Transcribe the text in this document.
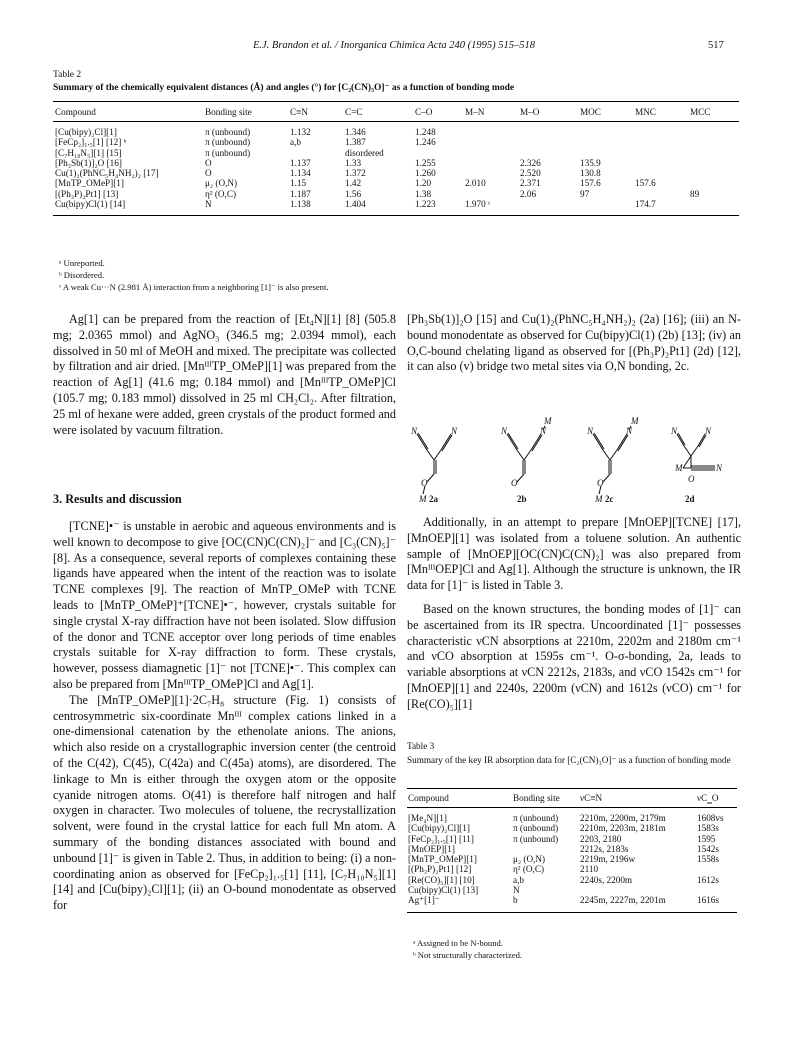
E.J. Brandon et al. / Inorganica Chimica Acta 240 (1995) 515–518	517
Table 2
Summary of the chemically equivalent distances (Å) and angles (°) for [C₂(CN)₃O]⁻ as a function of bonding mode
Compound	Bonding site	C≡N	C=C	C–O	M–N	M–O	MOC	MNC	MCC
[Cu(bipy)₂Cl][1]	π (unbound)	1.132	1.346	1.248					
[FeCp₂]₁.₅[1] [12] ᵇ	π (unbound)	a,b	1.387	1.246					
[C₇H₁₀N₅][1] [15]	π (unbound)		disordered						
[Ph₃Sb(1)]₂O [16]	O	1.137	1.33	1.255		2.326	135.9		
Cu(1)₂(PhNC₅H₄NH₂)₂ [17]	O	1.134	1.372	1.260		2.520	130.8		
[MnTP_OMeP][1]	μ₂ (O,N)	1.15	1.42	1.20	2.010	2.371	157.6	157.6	
[(Ph₃P)₂Pt1] [13]	η² (O,C)	1.187	1.56	1.38		2.06	97		89
Cu(bipy)Cl(1) [14]	N	1.138	1.404	1.223	1.970 ᶜ			174.7	
ᵃ Unreported.
ᵇ Disordered.
ᶜ A weak Cu···N (2.981 Å) interaction from a neighboring [1]⁻ is also present.

Ag[1] can be prepared from the reaction of [Et₄N][1] [8] (505.8 mg; 2.0365 mmol) and AgNO₃ (346.5 mg; 2.0394 mmol), each dissolved in 50 ml of MeOH and mixed. The precipitate was collected by filtration and air dried. [MnᴵᴵᴵTP_OMeP][1] was prepared from the reaction of Ag[1] (41.6 mg; 0.184 mmol) and [MnᴵᴵᴵTP_OMeP]Cl (105.7 mg; 0.183 mmol) dissolved in 25 ml CH₂Cl₂. After filtration, 25 ml of hexane were added, green crystals of the product formed and were isolated by vacuum filtration.

3. Results and discussion

[TCNE]•⁻ is unstable in aerobic and aqueous environments and is well known to decompose to give [OC(CN)C(CN)₂]⁻ and [C₃(CN)₅]⁻ [8]. As a consequence, several reports of complexes containing these ligands have appeared when the intent of the reaction was to isolate TCNE complexes [9]. The reaction of MnTP_OMeP with TCNE leads to [MnTP_OMeP]⁺[TCNE]•⁻, however, crystals suitable for single crystal X-ray diffraction have not been isolated. Slow diffusion of the donor and TCNE acceptor over long periods of time enables crystals suitable for X-ray diffraction to form. These crystals, however, possess diamagnetic [1]⁻ not [TCNE]•⁻. This complex can also be prepared from [MnᴵᴵᴵTP_OMeP]Cl and Ag[1].

The [MnTP_OMeP][1]·2C₇H₈ structure (Fig. 1) consists of centrosymmetric six-coordinate Mnᴵᴵᴵ complex cations linked in a one-dimensional catenation by the ethenolate anions. The anions, which also reside on a crystallographic inversion center (the centroid of the C(42), C(45), C(42a) and C(45a) atoms), are disordered. The linkage to Mn is either through the oxygen atom or the opposite cyanide nitrogen atoms. O(41) is therefore half nitrogen and half oxygen in character. Two molecules of toluene, the recrystallization solvent, were found in the crystal lattice for each full Mn atom. A summary of the bonding distances associated with bound and unbound [1]⁻ is given in Table 2. Thus, in addition to being: (i) a non-coordinating anion as observed for [FeCp₂]₁.₅[1] [11], [C₇H₁₀N₅][1] [14] and [Cu(bipy)₂Cl][1]; (ii) an O-bound monodentate as observed for

[Ph₃Sb(1)]₂O [15] and Cu(1)₂(PhNC₅H₄NH₂)₂ (2a) [16]; (iii) an N-bound monodentate as observed for Cu(bipy)Cl(1) (2b) [13]; (iv) an O,C-bound chelating ligand as observed for [(Ph₃P)₂Pt1] (2d) [12], it can also (v) bridge two metal sites via O,N bonding, 2c.

N	N
O
M
N	N
M
O
N	N
M
O
M
N	N
M
O
N
2a	2b	2c	2d

Additionally, in an attempt to prepare [MnOEP][TCNE] [17], [MnOEP][1] was isolated from a toluene solution. An authentic sample of [MnOEP][OC(CN)C(CN)₂] was also prepared from [MnᴵᴵᴵOEP]Cl and Ag[1]. Although the structure is unknown, the IR data for [1]⁻ is listed in Table 3.

Based on the known structures, the bonding modes of [1]⁻ can be ascertained from its IR spectra. Uncoordinated [1]⁻ possesses characteristic νCN absorptions at 2210m, 2202m and 2180m cm⁻¹ and νCO absorption at 1595s cm⁻¹. O-σ-bonding, 2a, leads to variable absorptions at νCN 2212s, 2183s, and νCO 1542s cm⁻¹ for [MnOEP][1] and 2240s, 2200m (νCN) and 1612s (νCO) cm⁻¹ for [Re(CO)₅][1]

Table 3
Summary of the key IR absorption data for [C₂(CN)₃O]⁻ as a function of bonding mode
Compound	Bonding site	νC≡N	νC‗O
[Me₄N][1]	π (unbound)	2210m, 2200m, 2179m	1608vs
[Cu(bipy)₂Cl][1]	π (unbound)	2210m, 2203m, 2181m	1583s
[FeCp₂]₁.₅[1] [11]	π (unbound)	2203, 2180	1595
[MnOEP][1]		2212s, 2183s	1542s
[MnTP_OMeP][1]	μ₂ (O,N)	2219m, 2196w	1558s
[(Ph₃P)₂Pt1] [12]	η² (O,C)	2110	
[Re(CO)₅][1] [10]	a,b	2240s, 2200m	1612s
Cu(bipy)Cl(1) [13]	N		
Ag⁺[1]⁻	b	2245m, 2227m, 2201m	1616s
ᵃ Assigned to be N-bound.
ᵇ Not structurally characterized.
